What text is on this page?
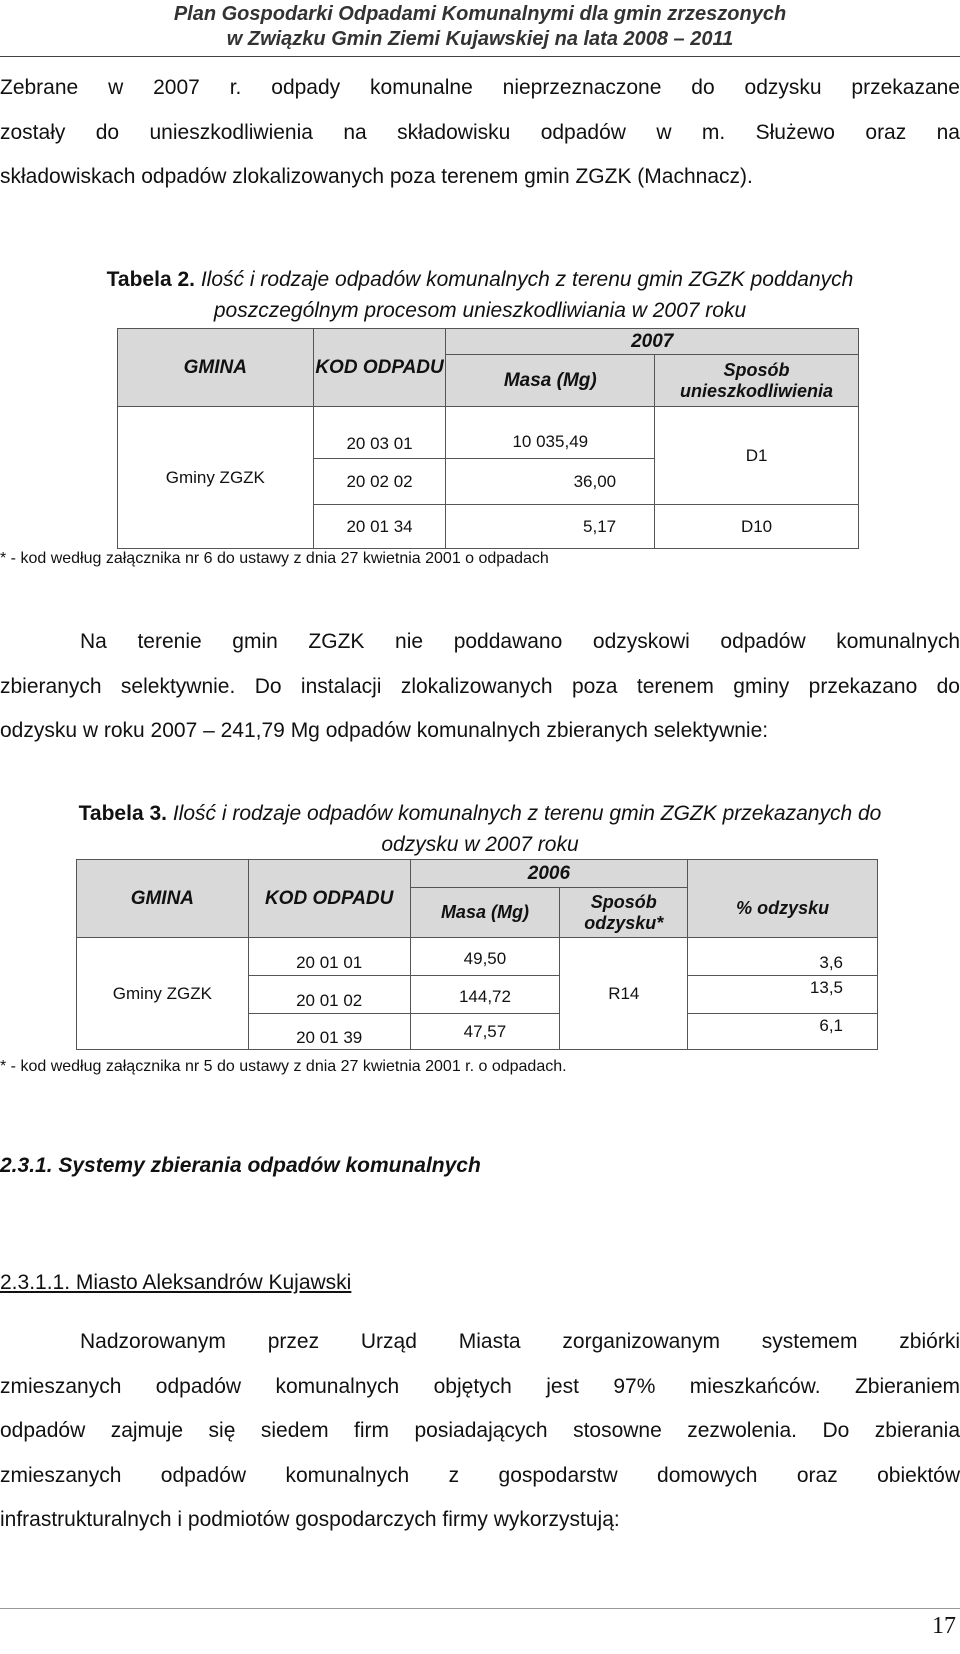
Plan Gospodarki Odpadami Komunalnymi dla gmin zrzeszonych
w Związku Gmin Ziemi Kujawskiej na lata 2008 – 2011
Zebrane w 2007 r. odpady komunalne nieprzeznaczone do odzysku przekazane
zostały do unieszkodliwienia na składowisku odpadów w m. Służewo oraz na
składowiskach odpadów zlokalizowanych poza terenem gmin ZGZK (Machnacz).
Tabela 2. Ilość i rodzaje odpadów komunalnych z terenu gmin ZGZK poddanych
poszczególnym procesom unieszkodliwiania w 2007 roku
GMINA	KOD ODPADU	2007	
		Masa (Mg)	Sposób unieszkodliwienia
Gminy ZGZK	20 03 01	10 035,49	D1
	20 02 02	36,00	
	20 01 34	5,17	D10
* - kod według załącznika nr 6 do ustawy z dnia 27 kwietnia 2001 o odpadach
Na terenie gmin ZGZK nie poddawano odzyskowi odpadów komunalnych
zbieranych selektywnie. Do instalacji zlokalizowanych poza terenem gminy przekazano do
odzysku w roku 2007 – 241,79 Mg odpadów komunalnych zbieranych selektywnie:
Tabela 3. Ilość i rodzaje odpadów komunalnych z terenu gmin ZGZK przekazanych do
odzysku w 2007 roku
GMINA	KOD ODPADU	2006		% odzysku
		Masa (Mg)	Sposób odzysku*	
Gminy ZGZK	20 01 01	49,50	R14	3,6
	20 01 02	144,72		13,5
	20 01 39	47,57		6,1
* - kod według załącznika nr 5 do ustawy z dnia 27 kwietnia 2001 r. o odpadach.
2.3.1. Systemy zbierania odpadów komunalnych
2.3.1.1. Miasto Aleksandrów Kujawski
Nadzorowanym przez Urząd Miasta zorganizowanym systemem zbiórki
zmieszanych odpadów komunalnych objętych jest 97% mieszkańców. Zbieraniem
odpadów zajmuje się siedem firm posiadających stosowne zezwolenia. Do zbierania
zmieszanych odpadów komunalnych z gospodarstw domowych oraz obiektów
infrastrukturalnych i podmiotów gospodarczych firmy wykorzystują:
17
